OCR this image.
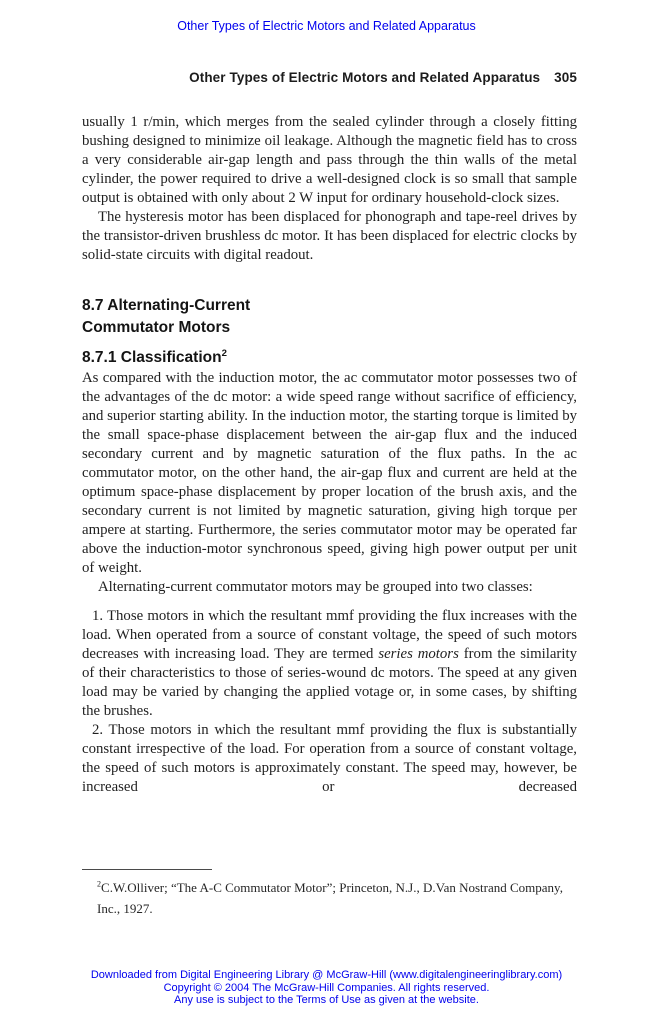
Other Types of Electric Motors and Related Apparatus
Other Types of Electric Motors and Related Apparatus 305

usually 1 r/min, which merges from the sealed cylinder through a closely fitting bushing designed to minimize oil leakage. Although the magnetic field has to cross a very considerable air-gap length and pass through the thin walls of the metal cylinder, the power required to drive a well-designed clock is so small that sample output is obtained with only about 2 W input for ordinary household-clock sizes.

The hysteresis motor has been displaced for phonograph and tape-reel drives by the transistor-driven brushless dc motor. It has been displaced for electric clocks by solid-state circuits with digital readout.

8.7 Alternating-Current
Commutator Motors
8.7.1 Classification$^2$

As compared with the induction motor, the ac commutator motor possesses two of the advantages of the dc motor: a wide speed range without sacrifice of efficiency, and superior starting ability. In the induction motor, the starting torque is limited by the small space-phase displacement between the air-gap flux and the induced secondary current and by magnetic saturation of the flux paths. In the ac commutator motor, on the other hand, the air-gap flux and current are held at the optimum space-phase displacement by proper location of the brush axis, and the secondary current is not limited by magnetic saturation, giving high torque per ampere at starting. Furthermore, the series commutator motor may be operated far above the induction-motor synchronous speed, giving high power output per unit of weight.

Alternating-current commutator motors may be grouped into two classes:

1. Those motors in which the resultant mmf providing the flux increases with the load. When operated from a source of constant voltage, the speed of such motors decreases with increasing load. They are termed series motors from the similarity of their characteristics to those of series-wound dc motors. The speed at any given load may be varied by changing the applied votage or, in some cases, by shifting the brushes.

2. Those motors in which the resultant mmf providing the flux is substantially constant irrespective of the load. For operation from a source of constant voltage, the speed of such motors is approximately constant. The speed may, however, be increased or decreased

$^2$C.W.Olliver; “The A-C Commutator Motor”; Princeton, N.J., D.Van Nostrand Company, Inc., 1927.

Downloaded from Digital Engineering Library @ McGraw-Hill (www.digitalengineeringlibrary.com)
Copyright © 2004 The McGraw-Hill Companies. All rights reserved.
Any use is subject to the Terms of Use as given at the website.
